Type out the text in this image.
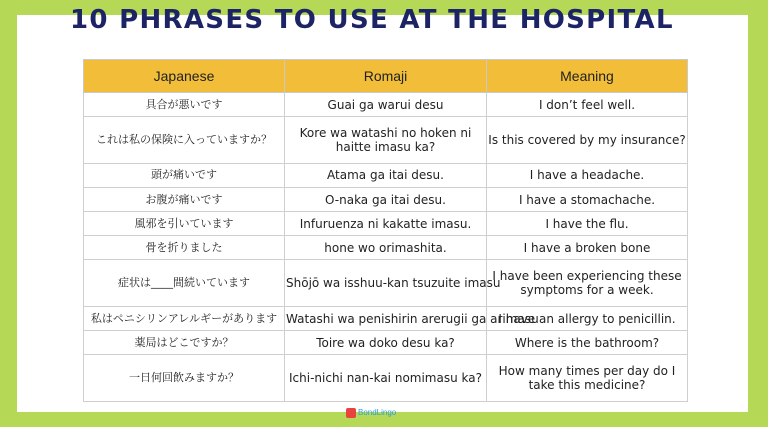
10 PHRASES TO USE AT THE HOSPITAL
Japanese	Romaji	Meaning
具合が悪いです	Guai ga warui desu	I don’t feel well.
これは私の保険に入っていますか？	Kore wa watashi no hoken ni haitte imasu ka?	Is this covered by my insurance?
頭が痛いです	Atama ga itai desu.	I have a headache.
お腹が痛いです	O-naka ga itai desu.	I have a stomachache.
風邪を引いています	Infuruenza ni kakatte imasu.	I have the flu.
骨を折りました	hone wo orimashita.	I have a broken bone
症状は____間続いています	Shōjō wa isshuu-kan tsuzuite imasu	I have been experiencing these symptoms for a week.
私はペニシリンアレルギーがあります	Watashi wa penishirin arerugii ga arimasu	I have an allergy to penicillin.
薬局はどこですか？	Toire wa doko desu ka?	Where is the bathroom?
一日何回飲みますか？	Ichi-nichi nan-kai nomimasu ka?	How many times per day do I take this medicine?
BondLingo
